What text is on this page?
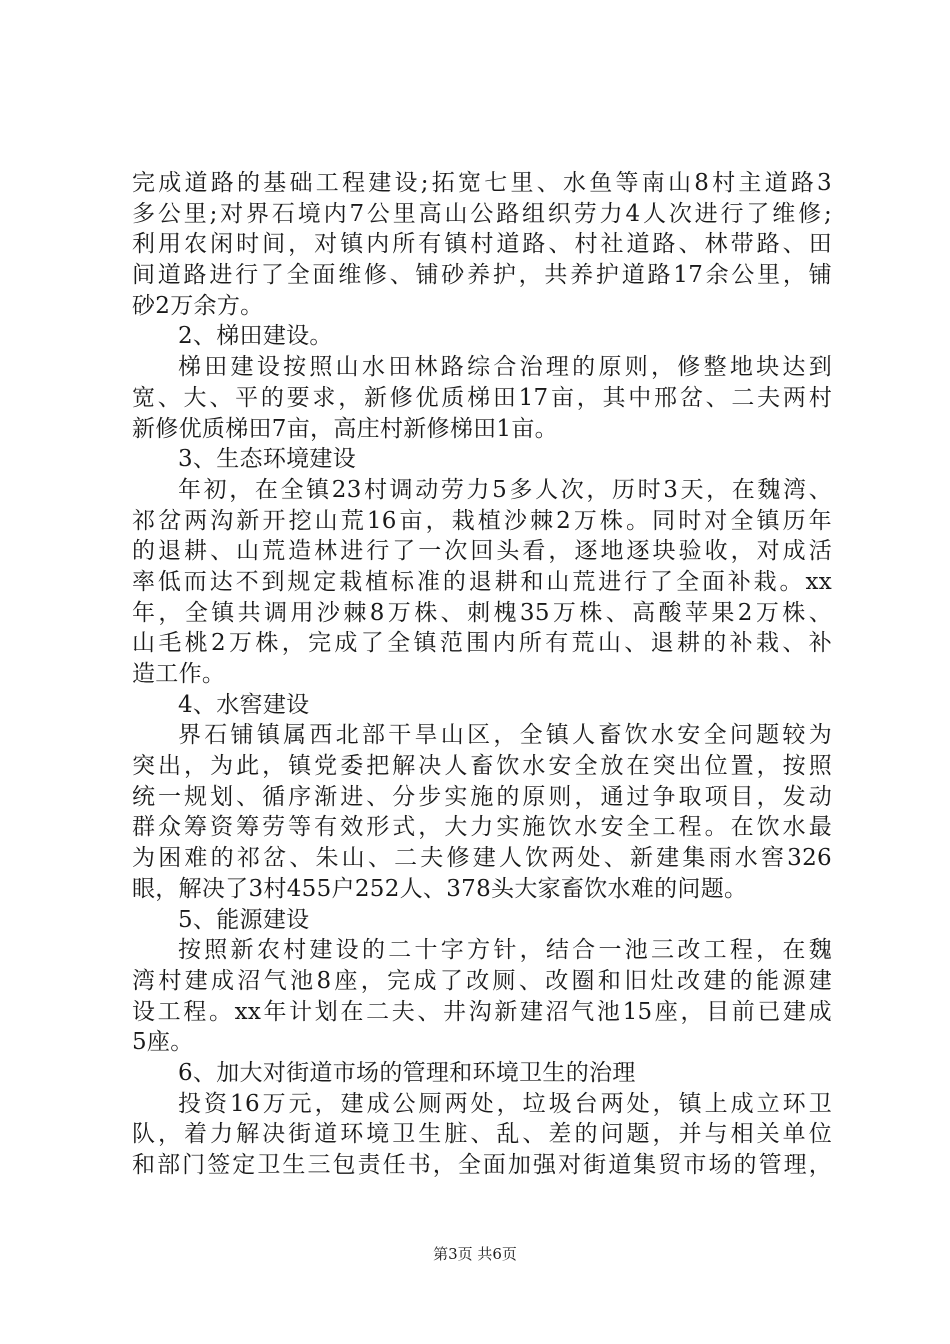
完成道路的基础工程建设;拓宽七里、水鱼等南山8村主道路3
多公里;对界石境内7公里高山公路组织劳力4人次进行了维修;
利用农闲时间，对镇内所有镇村道路、村社道路、林带路、田
间道路进行了全面维修、铺砂养护，共养护道路17余公里，铺
砂2万余方。
2、梯田建设。
梯田建设按照山水田林路综合治理的原则，修整地块达到
宽、大、平的要求，新修优质梯田17亩，其中邢岔、二夫两村
新修优质梯田7亩，高庄村新修梯田1亩。
3、生态环境建设
年初，在全镇23村调动劳力5多人次，历时3天，在魏湾、
祁岔两沟新开挖山荒16亩，栽植沙棘2万株。同时对全镇历年
的退耕、山荒造林进行了一次回头看，逐地逐块验收，对成活
率低而达不到规定栽植标准的退耕和山荒进行了全面补栽。xx
年，全镇共调用沙棘8万株、刺槐35万株、高酸苹果2万株、
山毛桃2万株，完成了全镇范围内所有荒山、退耕的补栽、补
造工作。
4、水窖建设
界石铺镇属西北部干旱山区，全镇人畜饮水安全问题较为
突出，为此，镇党委把解决人畜饮水安全放在突出位置，按照
统一规划、循序渐进、分步实施的原则，通过争取项目，发动
群众筹资筹劳等有效形式，大力实施饮水安全工程。在饮水最
为困难的祁岔、朱山、二夫修建人饮两处、新建集雨水窖326
眼，解决了3村455户252人、378头大家畜饮水难的问题。
5、能源建设
按照新农村建设的二十字方针，结合一池三改工程，在魏
湾村建成沼气池8座，完成了改厕、改圈和旧灶改建的能源建
设工程。xx年计划在二夫、井沟新建沼气池15座，目前已建成
5座。
6、加大对街道市场的管理和环境卫生的治理
投资16万元，建成公厕两处，垃圾台两处，镇上成立环卫
队，着力解决街道环境卫生脏、乱、差的问题，并与相关单位
和部门签定卫生三包责任书，全面加强对街道集贸市场的管理，
第3页 共6页
